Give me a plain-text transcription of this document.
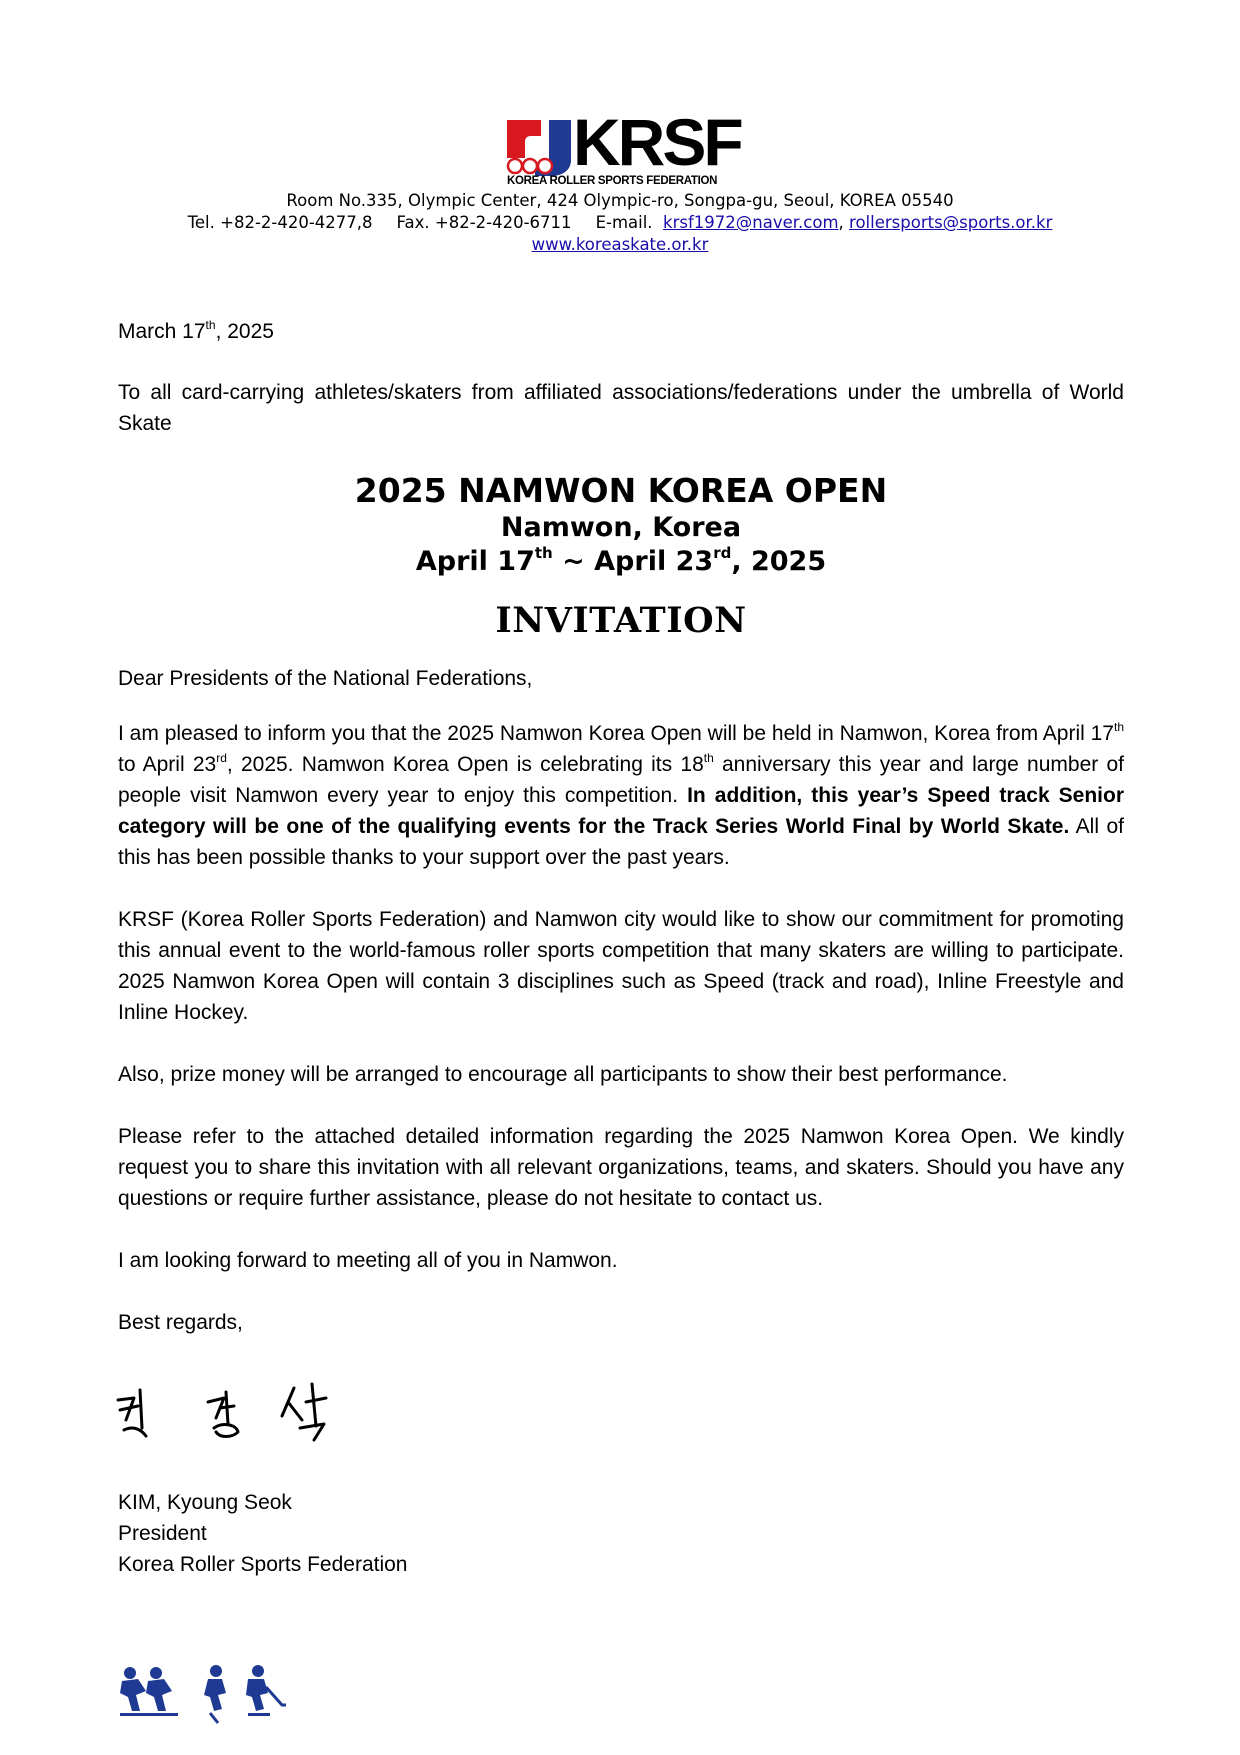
KRSF
KOREA ROLLER SPORTS FEDERATION
Room No.335, Olympic Center, 424 Olympic-ro, Songpa-gu, Seoul, KOREA 05540
Tel. +82-2-420-4277,8 Fax. +82-2-420-6711 E-mail. krsf1972@naver.com, rollersports@sports.or.kr
www.koreaskate.or.kr

March 17th, 2025

To all card-carrying athletes/skaters from affiliated associations/federations under the umbrella of World Skate

2025 NAMWON KOREA OPEN
Namwon, Korea
April 17th ~ April 23rd, 2025
INVITATION

Dear Presidents of the National Federations,

I am pleased to inform you that the 2025 Namwon Korea Open will be held in Namwon, Korea from April 17th to April 23rd, 2025. Namwon Korea Open is celebrating its 18th anniversary this year and large number of people visit Namwon every year to enjoy this competition. In addition, this year’s Speed track Senior category will be one of the qualifying events for the Track Series World Final by World Skate. All of this has been possible thanks to your support over the past years.

KRSF (Korea Roller Sports Federation) and Namwon city would like to show our commitment for promoting this annual event to the world-famous roller sports competition that many skaters are willing to participate. 2025 Namwon Korea Open will contain 3 disciplines such as Speed (track and road), Inline Freestyle and Inline Hockey.

Also, prize money will be arranged to encourage all participants to show their best performance.

Please refer to the attached detailed information regarding the 2025 Namwon Korea Open. We kindly request you to share this invitation with all relevant organizations, teams, and skaters. Should you have any questions or require further assistance, please do not hesitate to contact us.

I am looking forward to meeting all of you in Namwon.

Best regards,

KIM, Kyoung Seok

President

Korea Roller Sports Federation
